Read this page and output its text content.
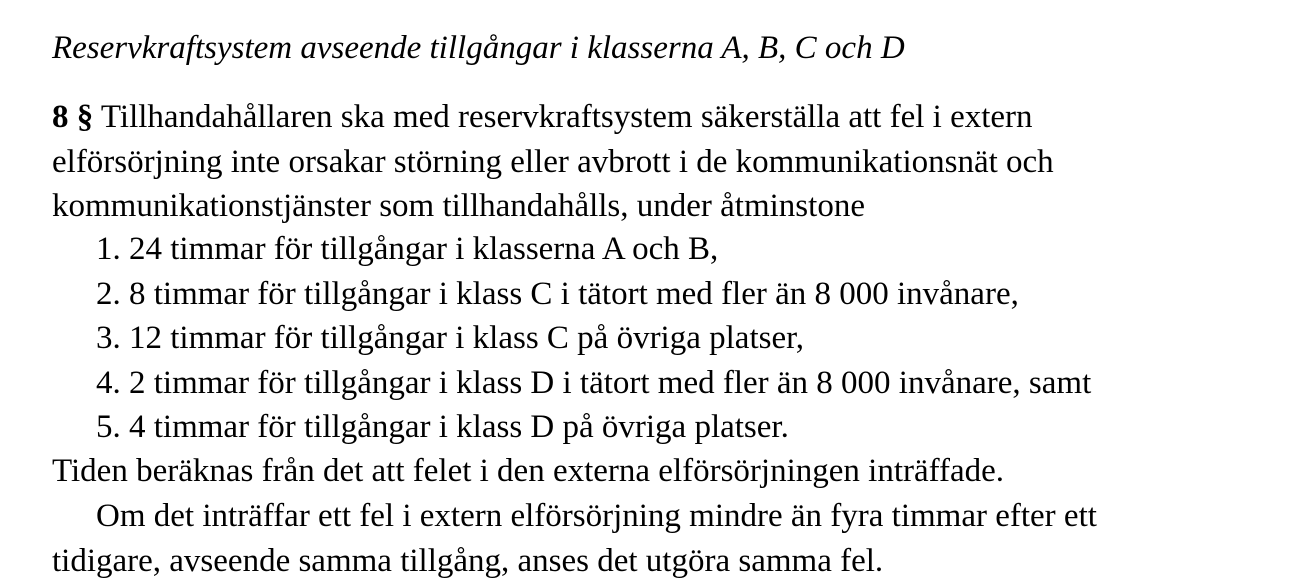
Reservkraftsystem avseende tillgångar i klasserna A, B, C och D
8 § Tillhandahållaren ska med reservkraftsystem säkerställa att fel i extern
elförsörjning inte orsakar störning eller avbrott i de kommunikationsnät och
kommunikationstjänster som tillhandahålls, under åtminstone
1. 24 timmar för tillgångar i klasserna A och B,
2. 8 timmar för tillgångar i klass C i tätort med fler än 8 000 invånare,
3. 12 timmar för tillgångar i klass C på övriga platser,
4. 2 timmar för tillgångar i klass D i tätort med fler än 8 000 invånare, samt
5. 4 timmar för tillgångar i klass D på övriga platser.
Tiden beräknas från det att felet i den externa elförsörjningen inträffade.
Om det inträffar ett fel i extern elförsörjning mindre än fyra timmar efter ett
tidigare, avseende samma tillgång, anses det utgöra samma fel.
